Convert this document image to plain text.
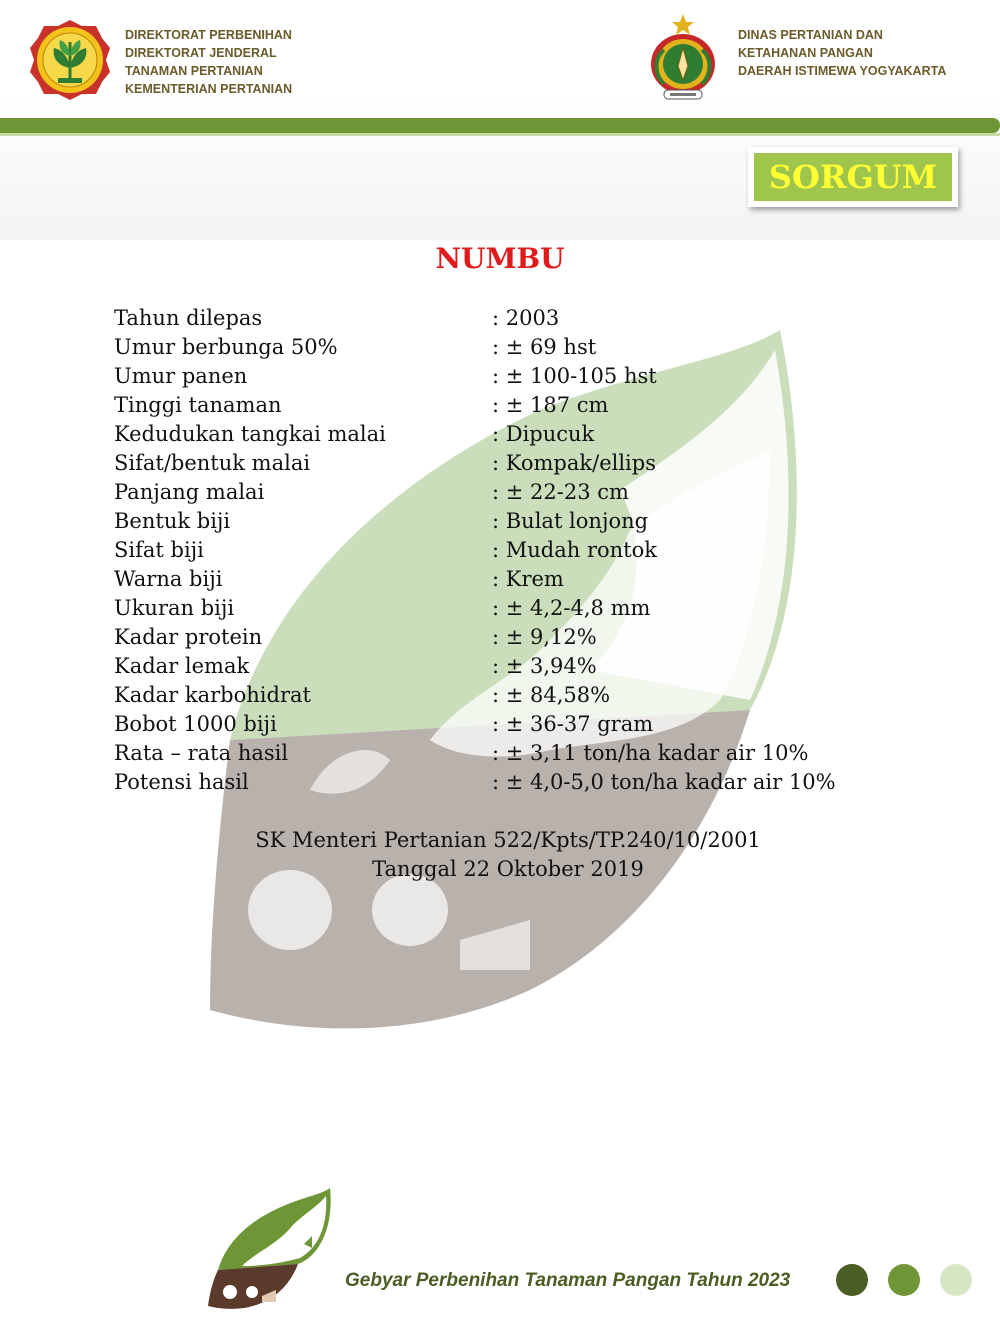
DIREKTORAT PERBENIHAN
DIREKTORAT JENDERAL
TANAMAN PERTANIAN
KEMENTERIAN PERTANIAN
DINAS PERTANIAN DAN
KETAHANAN PANGAN
DAERAH ISTIMEWA YOGYAKARTA
SORGUM
NUMBU
Tahun dilepas	: 2003
Umur berbunga 50%	: ± 69 hst
Umur panen	: ± 100-105 hst
Tinggi tanaman	: ± 187 cm
Kedudukan tangkai malai	: Dipucuk
Sifat/bentuk malai	: Kompak/ellips
Panjang malai	: ± 22-23 cm
Bentuk biji	: Bulat lonjong
Sifat biji	: Mudah rontok
Warna biji	: Krem
Ukuran biji	: ± 4,2-4,8 mm
Kadar protein	: ± 9,12%
Kadar lemak	: ± 3,94%
Kadar karbohidrat	: ± 84,58%
Bobot 1000 biji	: ± 36-37 gram
Rata – rata hasil	: ± 3,11 ton/ha kadar air 10%
Potensi hasil	: ± 4,0-5,0 ton/ha kadar air 10%
SK Menteri Pertanian 522/Kpts/TP.240/10/2001
Tanggal 22 Oktober 2019
Gebyar Perbenihan Tanaman Pangan Tahun 2023
